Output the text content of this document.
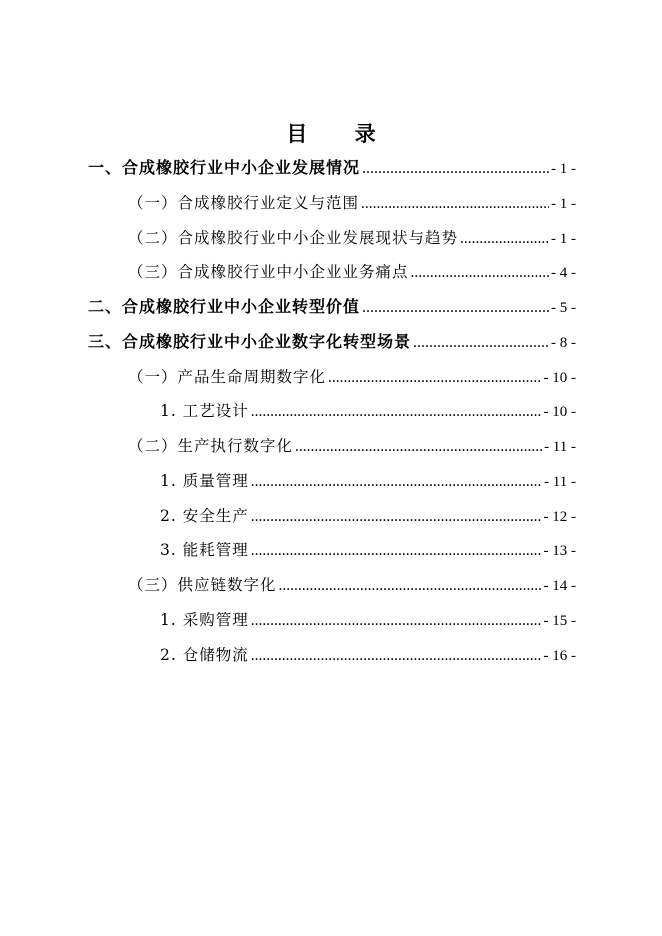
目 录
一、合成橡胶行业中小企业发展情况 .....	- 1 -
（一）合成橡胶行业定义与范围 .....	- 1 -
（二）合成橡胶行业中小企业发展现状与趋势 .....	- 1 -
（三）合成橡胶行业中小企业业务痛点 .....	- 4 -
二、合成橡胶行业中小企业转型价值 .....	- 5 -
三、合成橡胶行业中小企业数字化转型场景 .....	- 8 -
（一）产品生命周期数字化 .....	- 10 -
1. 工艺设计 .....	- 10 -
（二）生产执行数字化 .....	- 11 -
1. 质量管理 .....	- 11 -
2. 安全生产 .....	- 12 -
3. 能耗管理 .....	- 13 -
（三）供应链数字化 .....	- 14 -
1. 采购管理 .....	- 15 -
2. 仓储物流 .....	- 16 -
